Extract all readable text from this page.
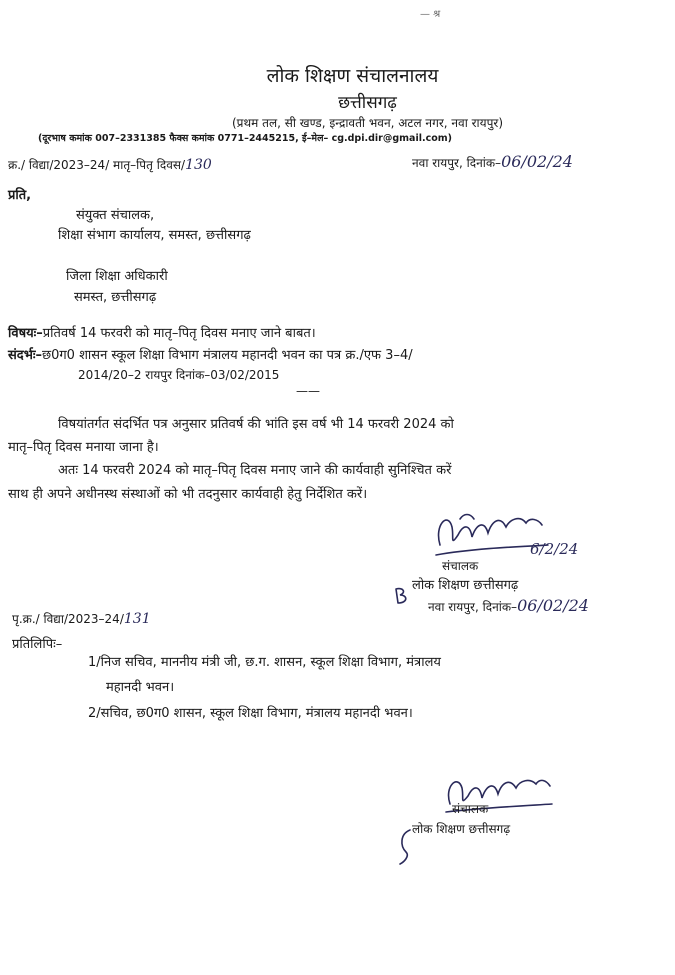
— श्र
लोक शिक्षण संचालनालय
छत्तीसगढ़
(प्रथम तल, सी खण्ड, इन्द्रावती भवन, अटल नगर, नवा रायपुर)
(दूरभाष कमांक 007–2331385 फैक्स कमांक 0771–2445215, ई–मेल– cg.dpi.dir@gmail.com)
क्र./ विद्या/2023–24/ मातृ–पितृ दिवस/130	नवा रायपुर, दिनांक–06/02/24
प्रति,
संयुक्त संचालक,
शिक्षा संभाग कार्यालय, समस्त, छत्तीसगढ़
जिला शिक्षा अधिकारी
समस्त, छत्तीसगढ़
विषयः–प्रतिवर्ष 14 फरवरी को मातृ–पितृ दिवस मनाए जाने बाबत।
संदर्भः–छ0ग0 शासन स्कूल शिक्षा विभाग मंत्रालय महानदी भवन का पत्र क्र./एफ 3–4/
2014/20–2 रायपुर दिनांक–03/02/2015
——
विषयांतर्गत संदर्भित पत्र अनुसार प्रतिवर्ष की भांति इस वर्ष भी 14 फरवरी 2024 को
मातृ–पितृ दिवस मनाया जाना है।
अतः 14 फरवरी 2024 को मातृ–पितृ दिवस मनाए जाने की कार्यवाही सुनिश्चित करें
साथ ही अपने अधीनस्थ संस्थाओं को भी तदनुसार कार्यवाही हेतु निर्देशित करें।
6/2/24
संचालक
लोक शिक्षण छत्तीसगढ़
नवा रायपुर, दिनांक–06/02/24
पृ.क्र./ विद्या/2023–24/131
प्रतिलिपिः–
1/निज सचिव, माननीय मंत्री जी, छ.ग. शासन, स्कूल शिक्षा विभाग, मंत्रालय
महानदी भवन।
2/सचिव, छ0ग0 शासन, स्कूल शिक्षा विभाग, मंत्रालय महानदी भवन।
संचालक
लोक शिक्षण छत्तीसगढ़
